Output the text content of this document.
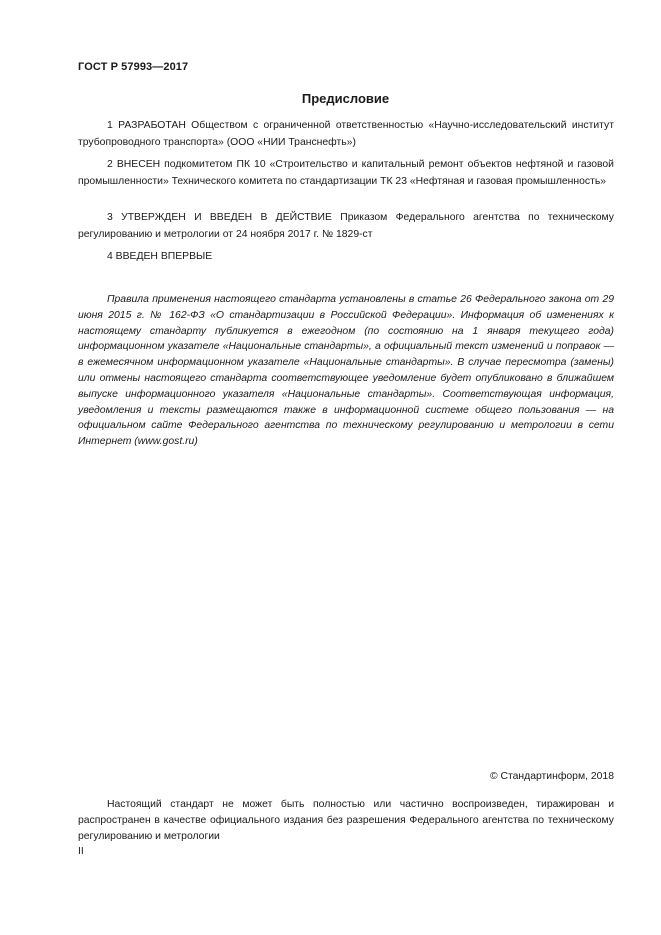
ГОСТ Р 57993—2017
Предисловие

1 РАЗРАБОТАН Обществом с ограниченной ответственностью «Научно-исследовательский институт трубопроводного транспорта» (ООО «НИИ Транснефть»)

2 ВНЕСЕН подкомитетом ПК 10 «Строительство и капитальный ремонт объектов нефтяной и газовой промышленности» Технического комитета по стандартизации ТК 23 «Нефтяная и газовая промышленность»

3 УТВЕРЖДЕН И ВВЕДЕН В ДЕЙСТВИЕ Приказом Федерального агентства по техническому регулированию и метрологии от 24 ноября 2017 г. № 1829-ст

4 ВВЕДЕН ВПЕРВЫЕ

Правила применения настоящего стандарта установлены в статье 26 Федерального закона от 29 июня 2015 г. № 162-ФЗ «О стандартизации в Российской Федерации». Информация об изменениях к настоящему стандарту публикуется в ежегодном (по состоянию на 1 января текущего года) информационном указателе «Национальные стандарты», а официальный текст изменений и поправок — в ежемесячном информационном указателе «Национальные стандарты». В случае пересмотра (замены) или отмены настоящего стандарта соответствующее уведомление будет опубликовано в ближайшем выпуске информационного указателя «Национальные стандарты». Соответствующая информация, уведомления и тексты размещаются также в информационной системе общего пользования — на официальном сайте Федерального агентства по техническому регулированию и метрологии в сети Интернет (www.gost.ru)

© Стандартинформ, 2018

Настоящий стандарт не может быть полностью или частично воспроизведен, тиражирован и распространен в качестве официального издания без разрешения Федерального агентства по техническому регулированию и метрологии

II
